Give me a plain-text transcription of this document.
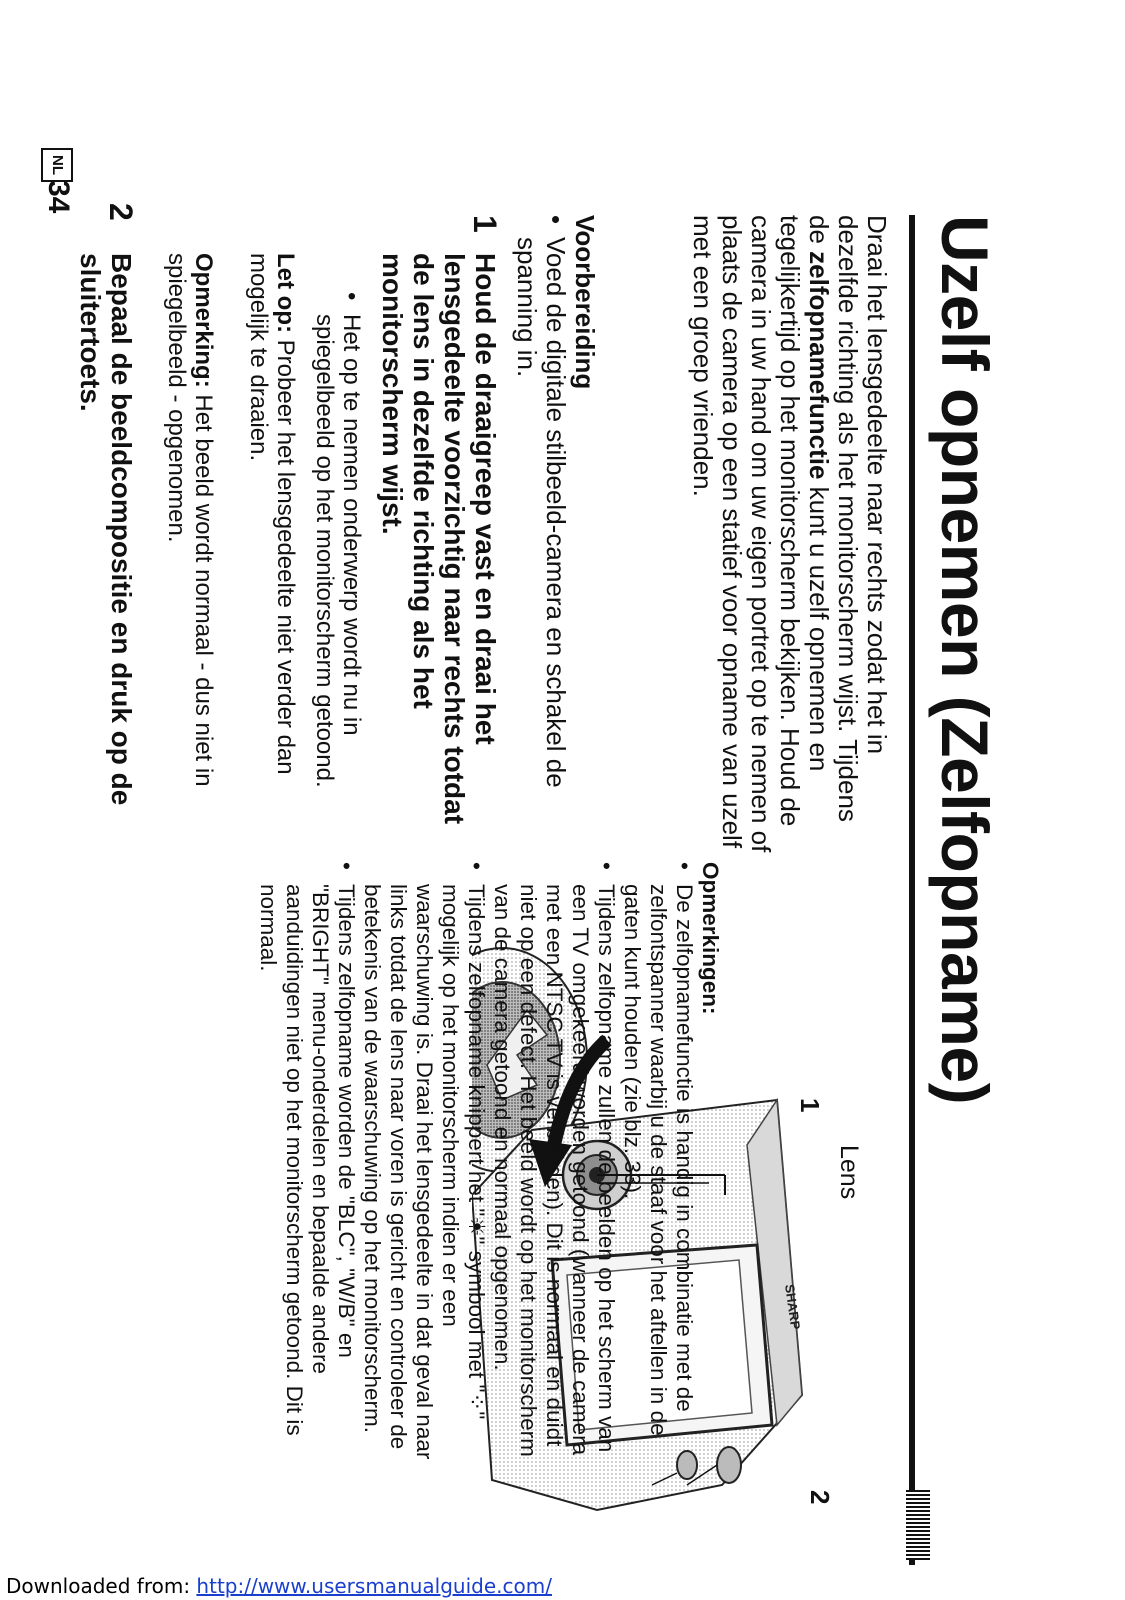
Uzelf opnemen (Zelfopname)
Draai het lensgedeelte naar rechts zodat het in dezelfde richting als het monitorscherm wijst. Tijdens de zelfopnamefunctie kunt u uzelf opnemen en tegelijkertijd op het monitorscherm bekijken. Houd de camera in uw hand om uw eigen portret op te nemen of plaats de camera op een statief voor opname van uzelf met een groep vrienden.
Voorbereiding
• Voed de digitale stilbeeld-camera en schakel de spanning in.
1
Houd de draaigreep vast en draai het lensgedeelte voorzichtig naar rechts totdat de lens in dezelfde richting als het monitorscherm wijst.
• Het op te nemen onderwerp wordt nu in spiegelbeeld op het monitorscherm getoond.
Let op: Probeer het lensgedeelte niet verder dan mogelijk te draaien.
Opmerking: Het beeld wordt normaal - dus niet in spiegelbeeld - opgenomen.
2
Bepaal de beeldcompositie en druk op de sluitertoets.
NL
34
SHARP
Lens
1
2
Opmerkingen:
• De zelfopnamefunctie is handig in combinatie met de zelfontspanner waarbij u de staaf voor het aftellen in de gaten kunt houden (zie blz. 33).
• Tijdens zelfopname zullen de beelden op het scherm van een TV omgekeerd worden getoond (wanneer de camera met een NTSC TV is verbonden). Dit is normaal en duidt niet op een defect. Het beeld wordt op het monitorscherm van de camera getoond en normaal opgenomen.
• Tijdens zelfopname knippert het "☀" symbool met "⁘" mogelijk op het monitorscherm indien er een waarschuwing is. Draai het lensgedeelte in dat geval naar links totdat de lens naar voren is gericht en controleer de betekenis van de waarschuwing op het monitorscherm.
• Tijdens zelfopname worden de "BLC", "W/B" en "BRIGHT" menu-onderdelen en bepaalde andere aanduidingen niet op het monitorscherm getoond. Dit is normaal.
Downloaded from: http://www.usersmanualguide.com/
